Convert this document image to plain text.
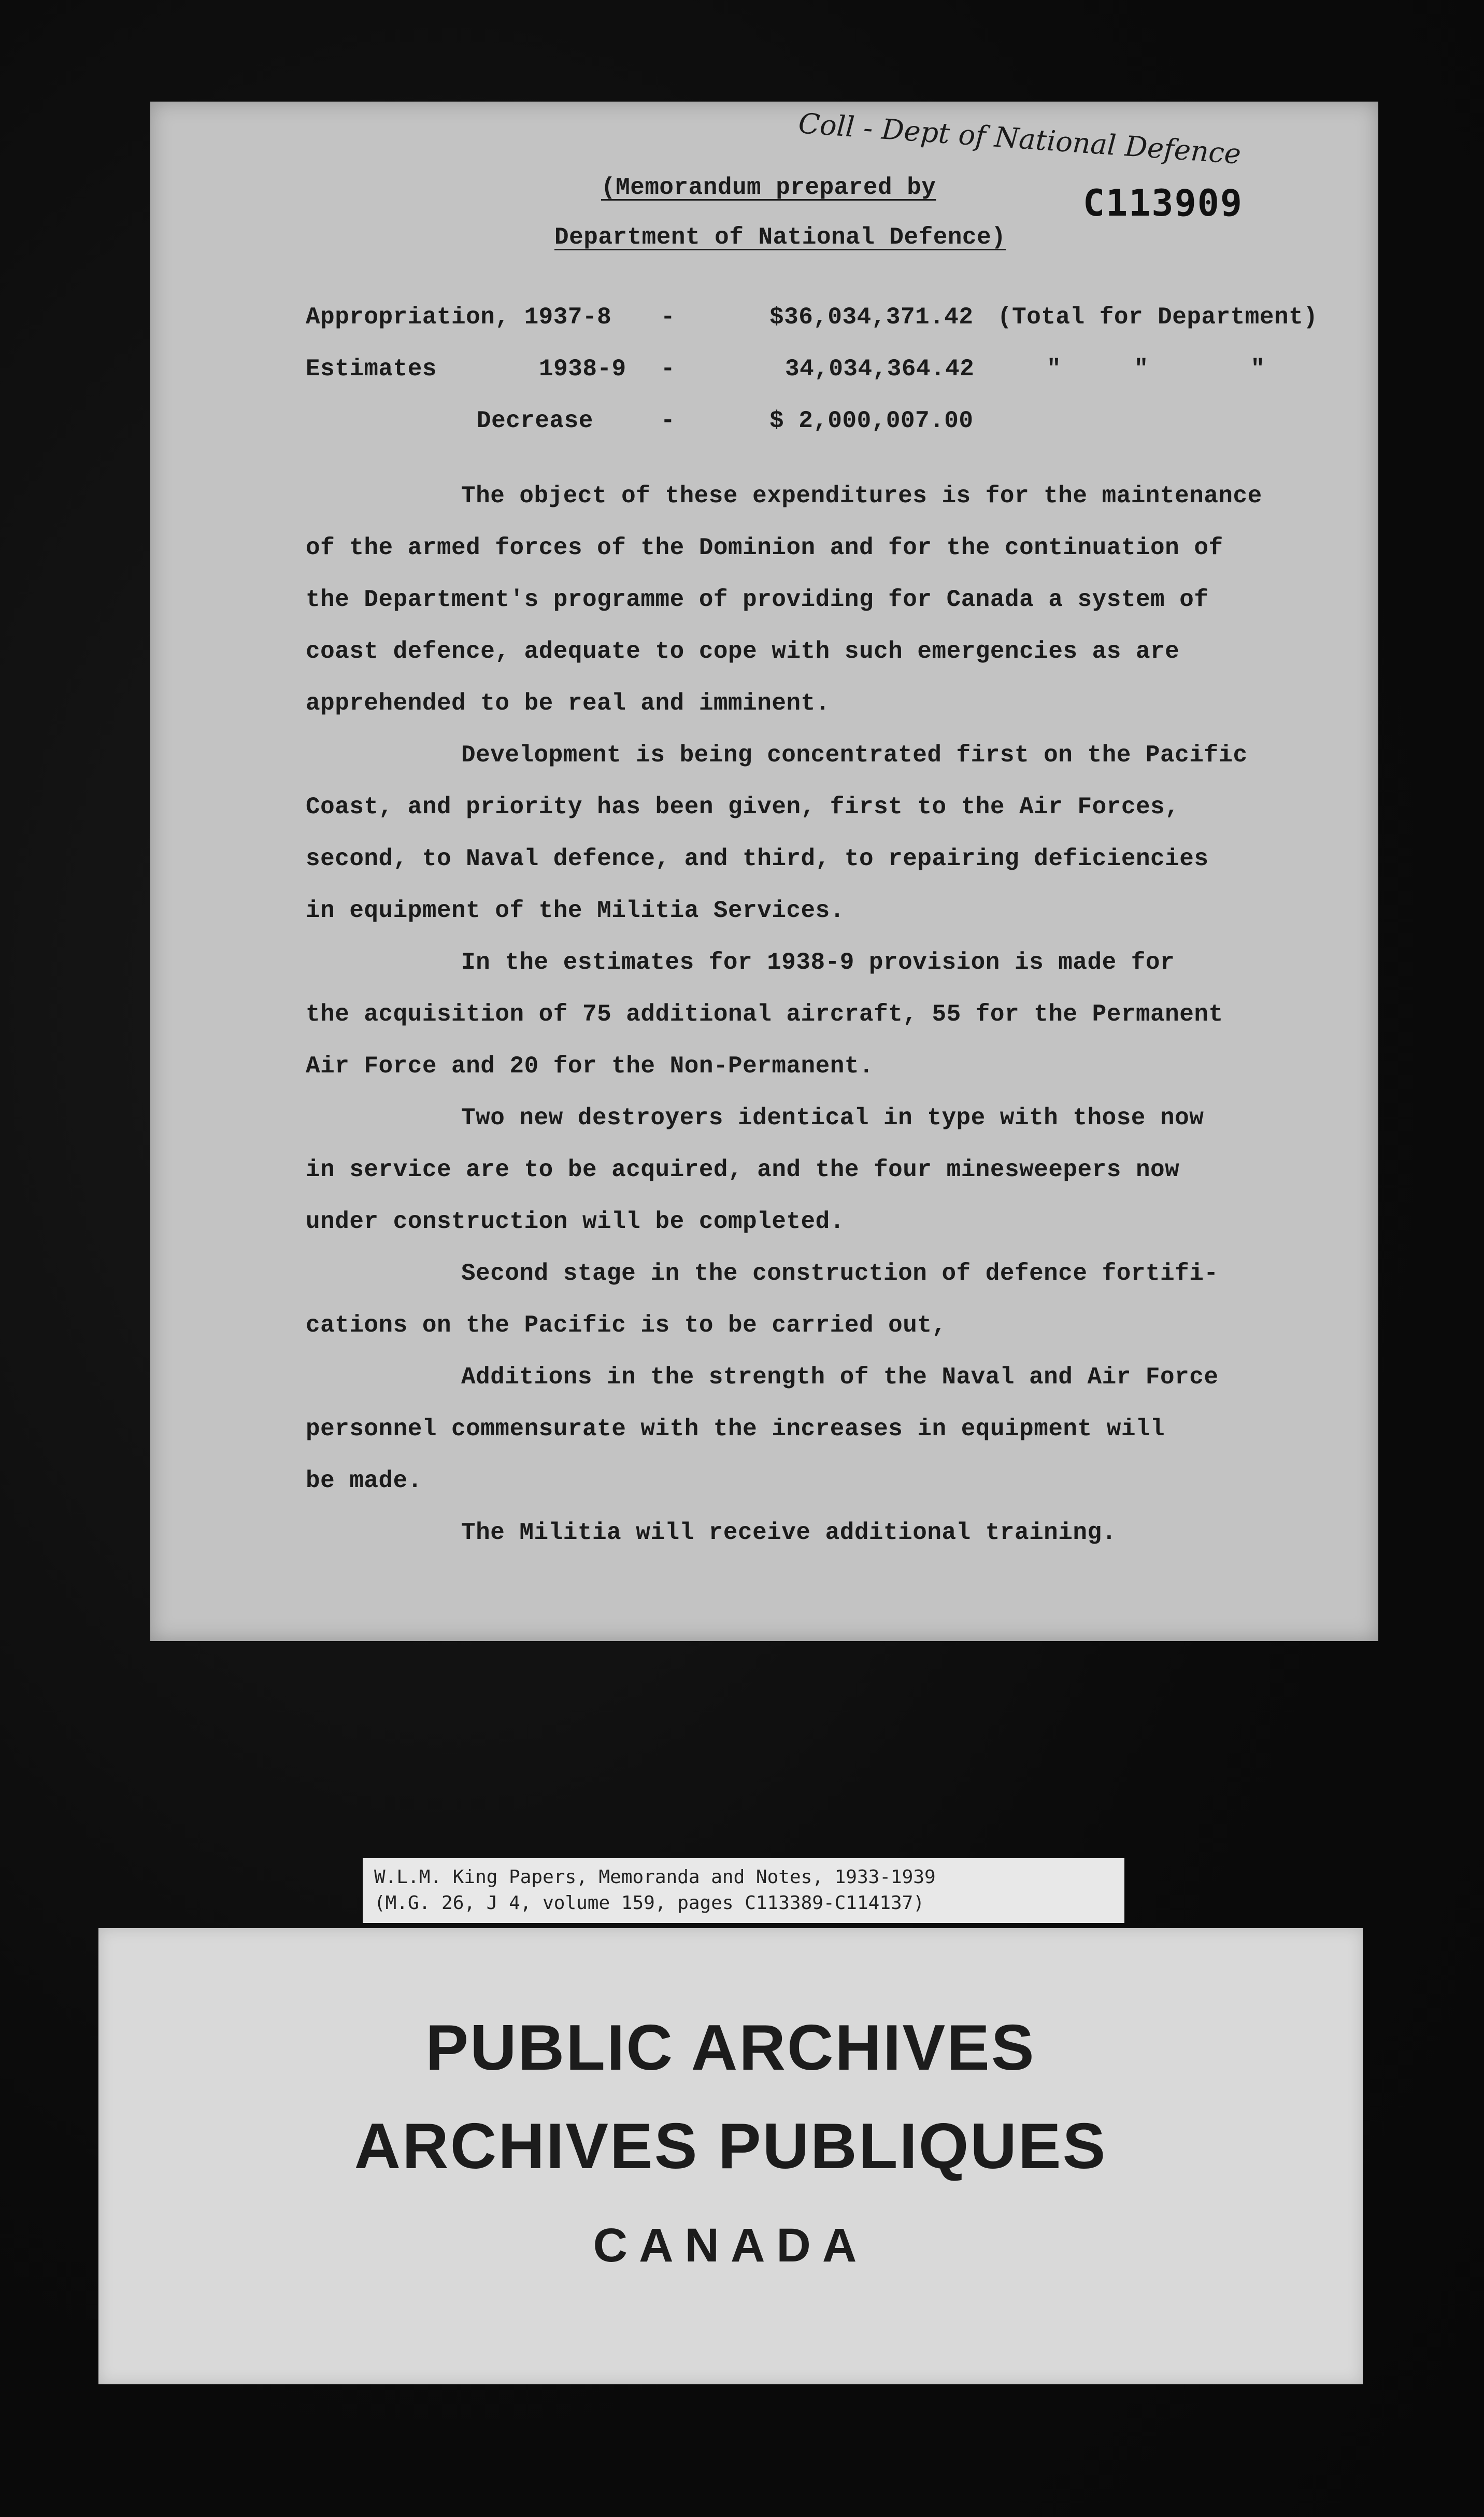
Coll - Dept of National Defence
C113909
(Memorandum prepared by
Department of National Defence)
Appropriation, 1937-8 -	$36,034,371.42 (Total for Department)
Estimates	1938-9 -	34,034,364.42	"     "       "
Decrease	-	$ 2,000,007.00
The object of these expenditures is for the maintenance
of the armed forces of the Dominion and for the continuation of
the Department's programme of providing for Canada a system of
coast defence, adequate to cope with such emergencies as are
apprehended to be real and imminent.
Development is being concentrated first on the Pacific
Coast, and priority has been given, first to the Air Forces,
second, to Naval defence, and third, to repairing deficiencies
in equipment of the Militia Services.
In the estimates for 1938-9 provision is made for
the acquisition of 75 additional aircraft, 55 for the Permanent
Air Force and 20 for the Non-Permanent.
Two new destroyers identical in type with those now
in service are to be acquired, and the four minesweepers now
under construction will be completed.
Second stage in the construction of defence fortifi-
cations on the Pacific is to be carried out,
Additions in the strength of the Naval and Air Force
personnel commensurate with the increases in equipment will
be made.
The Militia will receive additional training.
W.L.M. King Papers, Memoranda and Notes, 1933-1939
(M.G. 26, J 4, volume 159, pages C113389-C114137)
PUBLIC ARCHIVES
ARCHIVES PUBLIQUES
CANADA
